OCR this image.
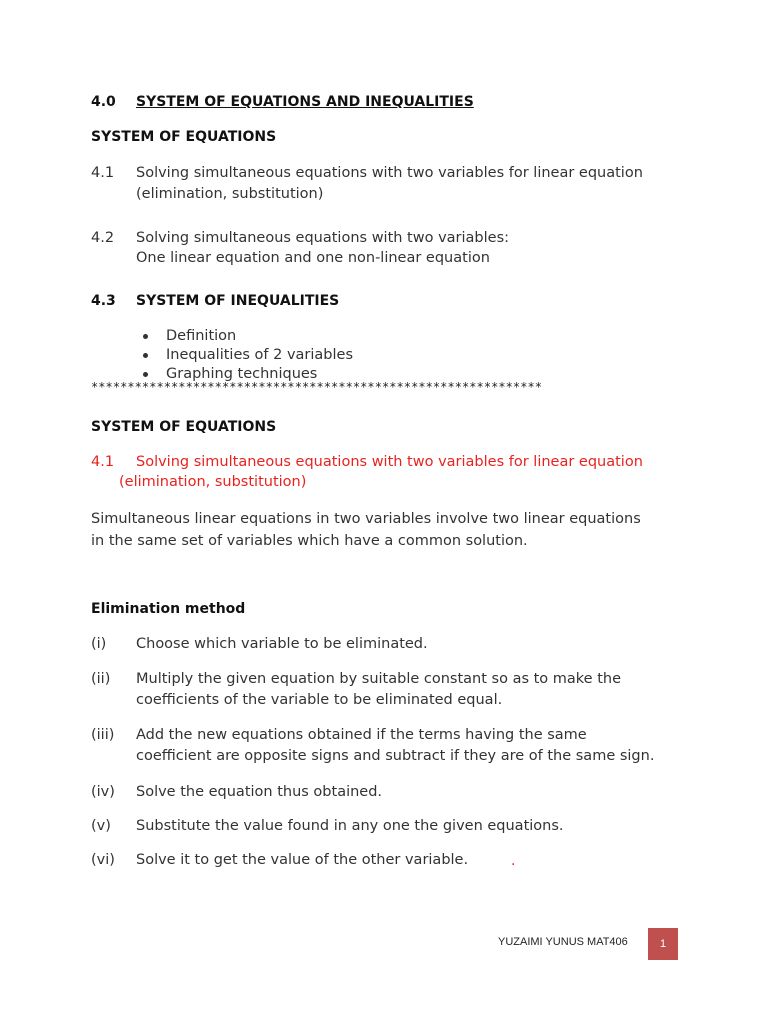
4.0 SYSTEM OF EQUATIONS AND INEQUALITIES
SYSTEM OF EQUATIONS
4.1 Solving simultaneous equations with two variables for linear equation
(elimination, substitution)
4.2 Solving simultaneous equations with two variables:
One linear equation and one non-linear equation
4.3 SYSTEM OF INEQUALITIES
Definition
Inequalities of 2 variables
Graphing techniques
**************************************************************
SYSTEM OF EQUATIONS
4.1 Solving simultaneous equations with two variables for linear equation
(elimination, substitution)
Simultaneous linear equations in two variables involve two linear equations
in the same set of variables which have a common solution.
Elimination method
(i) Choose which variable to be eliminated.
(ii) Multiply the given equation by suitable constant so as to make the
coefficients of the variable to be eliminated equal.
(iii) Add the new equations obtained if the terms having the same
coefficient are opposite signs and subtract if they are of the same sign.
(iv) Solve the equation thus obtained.
(v) Substitute the value found in any one the given equations.
(vi) Solve it to get the value of the other variable.	.
YUZAIMI YUNUS MAT406	1
